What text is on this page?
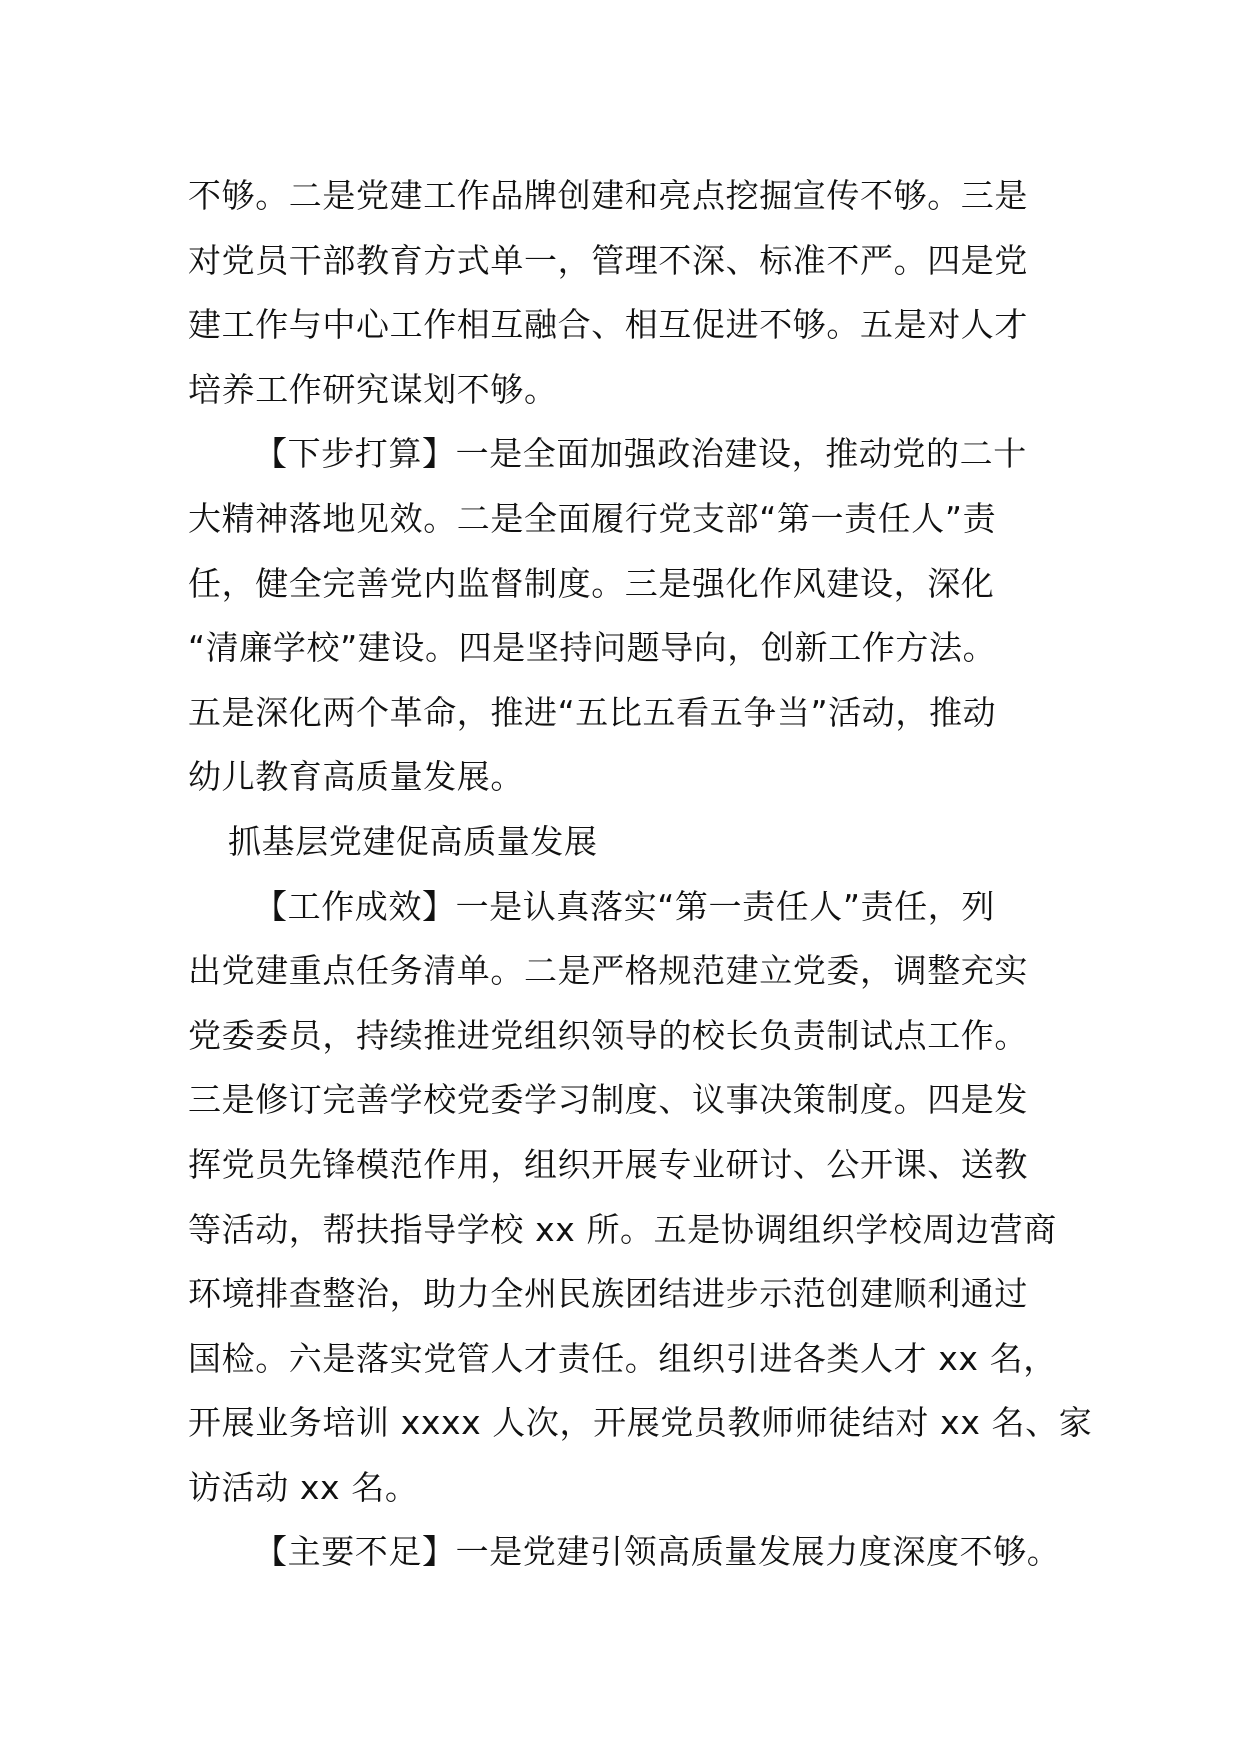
不够。二是党建工作品牌创建和亮点挖掘宣传不够。三是
对党员干部教育方式单一，管理不深、标准不严。四是党
建工作与中心工作相互融合、相互促进不够。五是对人才
培养工作研究谋划不够。

【下步打算】一是全面加强政治建设，推动党的二十
大精神落地见效。二是全面履行党支部“第一责任人”责
任，健全完善党内监督制度。三是强化作风建设，深化
“清廉学校”建设。四是坚持问题导向，创新工作方法。
五是深化两个革命，推进“五比五看五争当”活动，推动
幼儿教育高质量发展。

抓基层党建促高质量发展

【工作成效】一是认真落实“第一责任人”责任，列
出党建重点任务清单。二是严格规范建立党委，调整充实
党委委员，持续推进党组织领导的校长负责制试点工作。
三是修订完善学校党委学习制度、议事决策制度。四是发
挥党员先锋模范作用，组织开展专业研讨、公开课、送教
等活动，帮扶指导学校 xx 所。五是协调组织学校周边营商
环境排查整治，助力全州民族团结进步示范创建顺利通过
国检。六是落实党管人才责任。组织引进各类人才 xx 名，
开展业务培训 xxxx 人次，开展党员教师师徒结对 xx 名、家
访活动 xx 名。

【主要不足】一是党建引领高质量发展力度深度不够。
